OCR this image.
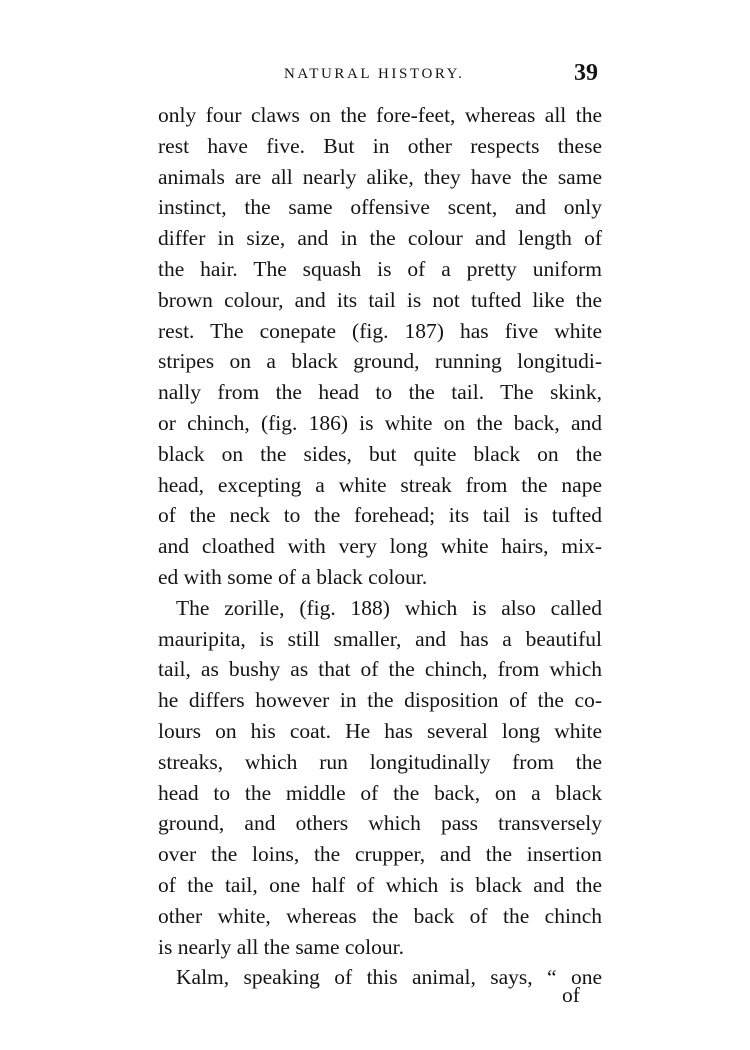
NATURAL HISTORY.	39
only four claws on the fore-feet, whereas all the
rest have five. But in other respects these
animals are all nearly alike, they have the same
instinct, the same offensive scent, and only
differ in size, and in the colour and length of
the hair. The squash is of a pretty uniform
brown colour, and its tail is not tufted like the
rest. The conepate (fig. 187) has five white
stripes on a black ground, running longitudi-
nally from the head to the tail. The skink,
or chinch, (fig. 186) is white on the back, and
black on the sides, but quite black on the
head, excepting a white streak from the nape
of the neck to the forehead; its tail is tufted
and cloathed with very long white hairs, mix-
ed with some of a black colour.
The zorille, (fig. 188) which is also called
mauripita, is still smaller, and has a beautiful
tail, as bushy as that of the chinch, from which
he differs however in the disposition of the co-
lours on his coat. He has several long white
streaks, which run longitudinally from the
head to the middle of the back, on a black
ground, and others which pass transversely
over the loins, the crupper, and the insertion
of the tail, one half of which is black and the
other white, whereas the back of the chinch
is nearly all the same colour.
Kalm, speaking of this animal, says, “ one
of
